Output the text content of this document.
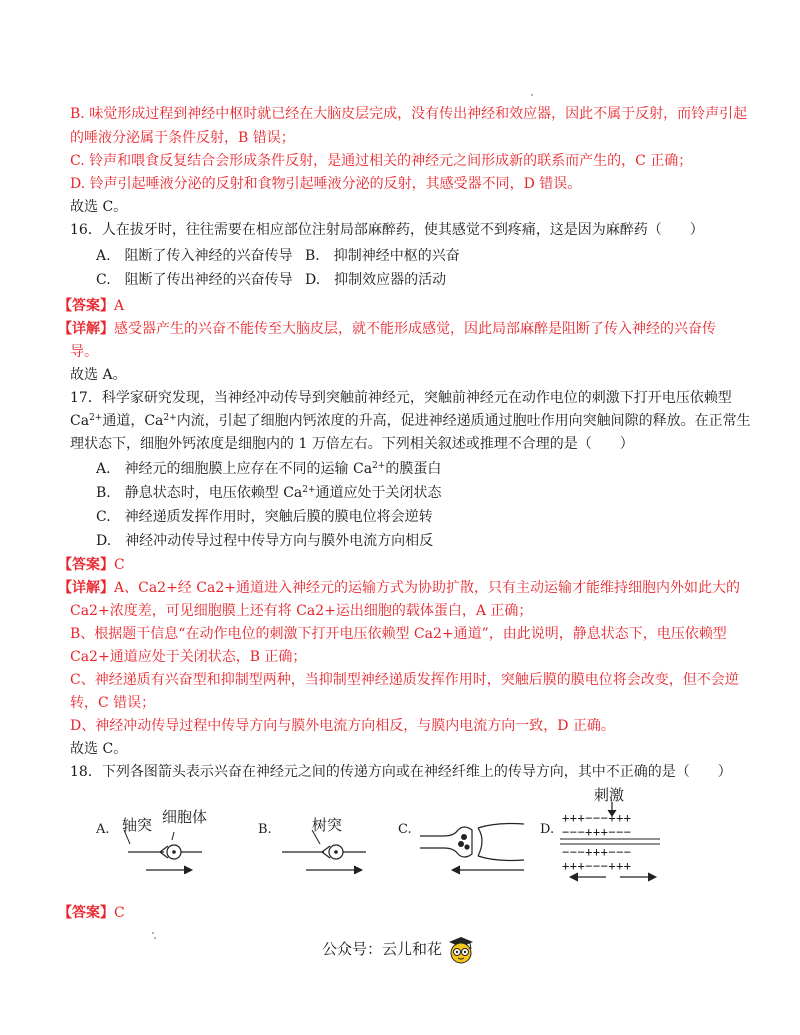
B. 味觉形成过程到神经中枢时就已经在大脑皮层完成，没有传出神经和效应器，因此不属于反射，而铃声引起
的唾液分泌属于条件反射，B 错误；
C. 铃声和喂食反复结合会形成条件反射，是通过相关的神经元之间形成新的联系而产生的，C 正确；
D. 铃声引起唾液分泌的反射和食物引起唾液分泌的反射，其感受器不同，D 错误。
故选 C。
16．人在拔牙时，往往需要在相应部位注射局部麻醉药，使其感觉不到疼痛，这是因为麻醉药（　　）
A.　阻断了传入神经的兴奋传导 B.　抑制神经中枢的兴奋
C.　阻断了传出神经的兴奋传导 D.　抑制效应器的活动
【答案】A
【详解】感受器产生的兴奋不能传至大脑皮层，就不能形成感觉，因此局部麻醉是阻断了传入神经的兴奋传
导。
故选 A。
17．科学家研究发现，当神经冲动传导到突触前神经元，突触前神经元在动作电位的刺激下打开电压依赖型
$Ca^{2+}$通道，$Ca^{2+}$内流，引起了细胞内钙浓度的升高，促进神经递质通过胞吐作用向突触间隙的释放。在正常生
理状态下，细胞外钙浓度是细胞内的 1 万倍左右。下列相关叙述或推理不合理的是（　　）
A.　神经元的细胞膜上应存在不同的运输 $Ca^{2+}$的膜蛋白
B.　静息状态时，电压依赖型 $Ca^{2+}$通道应处于关闭状态
C.　神经递质发挥作用时，突触后膜的膜电位将会逆转
D.　神经冲动传导过程中传导方向与膜外电流方向相反
【答案】C
【详解】A、Ca2+经 Ca2+通道进入神经元的运输方式为协助扩散，只有主动运输才能维持细胞内外如此大的
Ca2+浓度差，可见细胞膜上还有将 Ca2+运出细胞的载体蛋白，A 正确；
B、根据题干信息“在动作电位的刺激下打开电压依赖型 Ca2+通道”，由此说明，静息状态下，电压依赖型
Ca2+通道应处于关闭状态，B 正确；
C、神经递质有兴奋型和抑制型两种，当抑制型神经递质发挥作用时，突触后膜的膜电位将会改变，但不会逆
转，C 错误；
D、神经冲动传导过程中传导方向与膜外电流方向相反，与膜内电流方向一致，D 正确。
故选 C。
18．下列各图箭头表示兴奋在神经元之间的传递方向或在神经纤维上的传导方向，其中不正确的是（　　）
A. 轴突 细胞体
B.	树突	C.	D.
刺激
+++−−−+++
−−−+++−−−
−−−+++−−−
+++−−−+++
【答案】C
公众号：云儿和花
